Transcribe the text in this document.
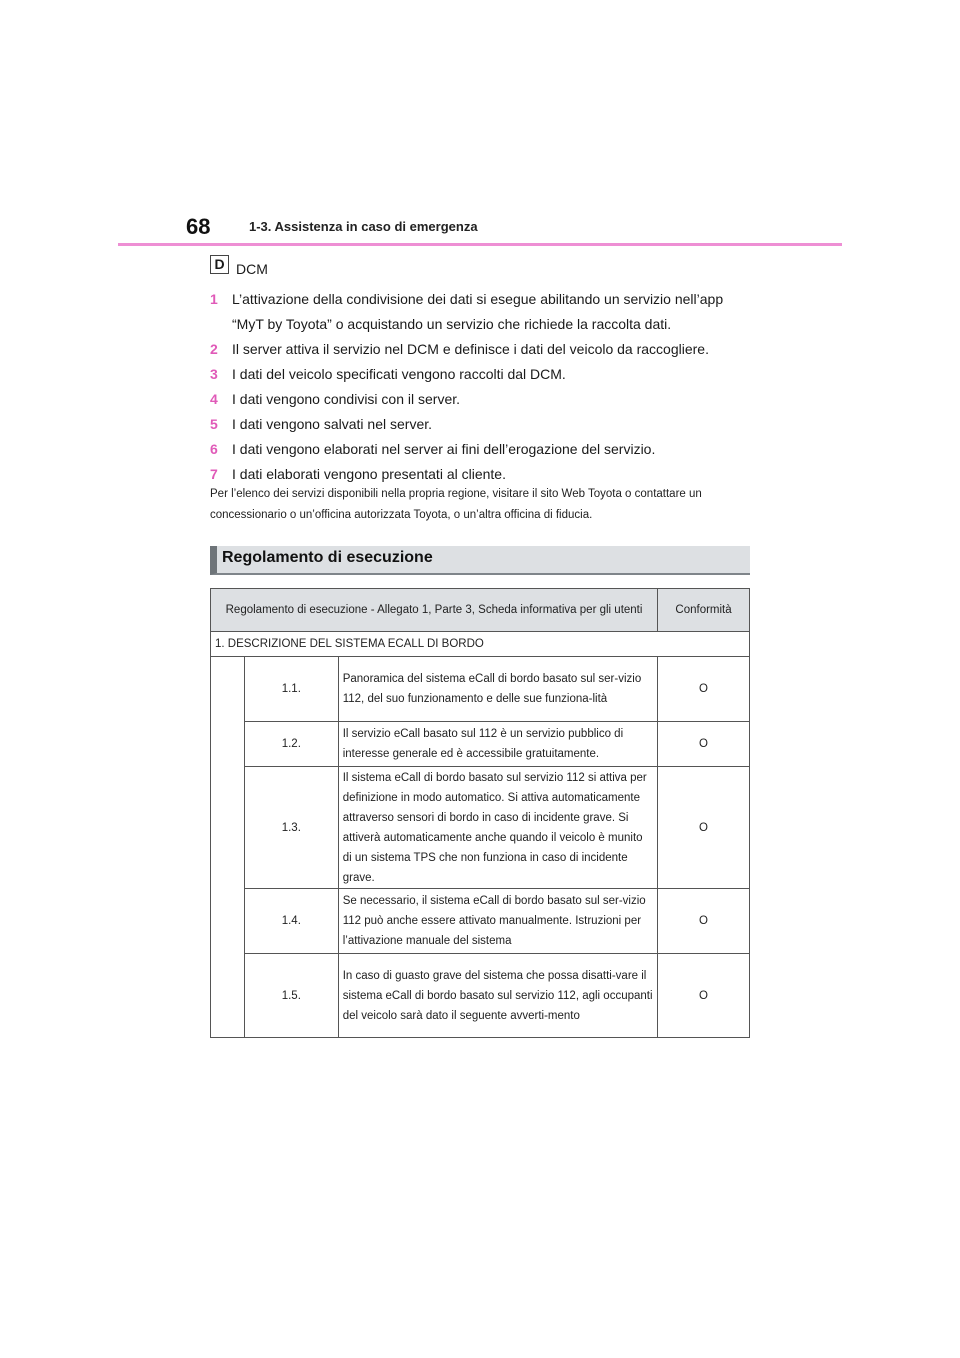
68	1-3. Assistenza in caso di emergenza
D DCM
1	L’attivazione della condivisione dei dati si esegue abilitando un servizio nell’app “MyT by Toyota” o acquistando un servizio che richiede la raccolta dati.
2	Il server attiva il servizio nel DCM e definisce i dati del veicolo da raccogliere.
3	I dati del veicolo specificati vengono raccolti dal DCM.
4	I dati vengono condivisi con il server.
5	I dati vengono salvati nel server.
6	I dati vengono elaborati nel server ai fini dell’erogazione del servizio.
7	I dati elaborati vengono presentati al cliente.
Per l’elenco dei servizi disponibili nella propria regione, visitare il sito Web Toyota o contattare un concessionario o un’officina autorizzata Toyota, o un’altra officina di fiducia.
Regolamento di esecuzione
Regolamento di esecuzione - Allegato 1, Parte 3, Scheda informativa per gli utenti			Conformità
1. DESCRIZIONE DEL SISTEMA ECALL DI BORDO			
	1.1.	Panoramica del sistema eCall di bordo basato sul ser-vizio 112, del suo funzionamento e delle sue funziona-lità	O
	1.2.	Il servizio eCall basato sul 112 è un servizio pubblico di interesse generale ed è accessibile gratuitamente.	O
	1.3.	Il sistema eCall di bordo basato sul servizio 112 si attiva per definizione in modo automatico. Si attiva automaticamente attraverso sensori di bordo in caso di incidente grave. Si attiverà automaticamente anche quando il veicolo è munito di un sistema TPS che non funziona in caso di incidente grave.	O
	1.4.	Se necessario, il sistema eCall di bordo basato sul ser-vizio 112 può anche essere attivato manualmente. Istruzioni per l’attivazione manuale del sistema	O
	1.5.	In caso di guasto grave del sistema che possa disatti-vare il sistema eCall di bordo basato sul servizio 112, agli occupanti del veicolo sarà dato il seguente avverti-mento	O
